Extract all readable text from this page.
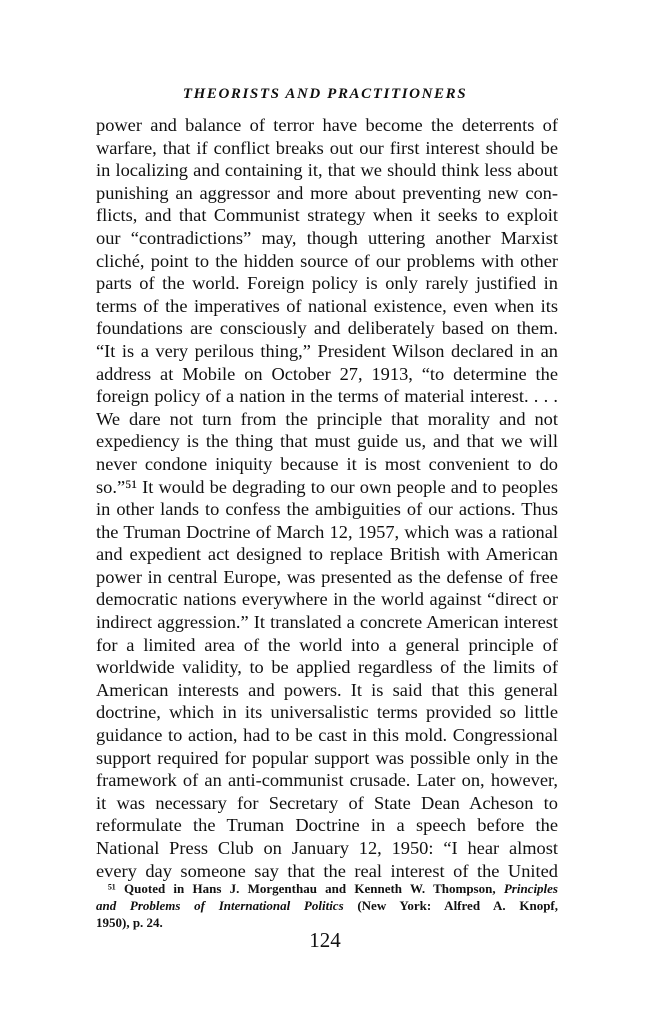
THEORISTS AND PRACTITIONERS
power and balance of terror have become the deterrents of
warfare, that if conflict breaks out our first interest should be
in localizing and containing it, that we should think less about
punishing an aggressor and more about preventing new con-
flicts, and that Communist strategy when it seeks to exploit
our “contradictions” may, though uttering another Marxist
cliché, point to the hidden source of our problems with other
parts of the world. Foreign policy is only rarely justified in
terms of the imperatives of national existence, even when its
foundations are consciously and deliberately based on them.
“It is a very perilous thing,” President Wilson declared in an
address at Mobile on October 27, 1913, “to determine the
foreign policy of a nation in the terms of material interest. . . .
We dare not turn from the principle that morality and not
expediency is the thing that must guide us, and that we will
never condone iniquity because it is most convenient to do
so.”⁵¹ It would be degrading to our own people and to peoples
in other lands to confess the ambiguities of our actions. Thus
the Truman Doctrine of March 12, 1957, which was a rational
and expedient act designed to replace British with American
power in central Europe, was presented as the defense of free
democratic nations everywhere in the world against “direct or
indirect aggression.” It translated a concrete American interest
for a limited area of the world into a general principle of
worldwide validity, to be applied regardless of the limits of
American interests and powers. It is said that this general
doctrine, which in its universalistic terms provided so little
guidance to action, had to be cast in this mold. Congressional
support required for popular support was possible only in the
framework of an anti-communist crusade. Later on, however,
it was necessary for Secretary of State Dean Acheson to
reformulate the Truman Doctrine in a speech before the
National Press Club on January 12, 1950: “I hear almost
every day someone say that the real interest of the United
⁵¹ Quoted in Hans J. Morgenthau and Kenneth W. Thompson, Principles
and Problems of International Politics (New York: Alfred A. Knopf,
1950), p. 24.
124
